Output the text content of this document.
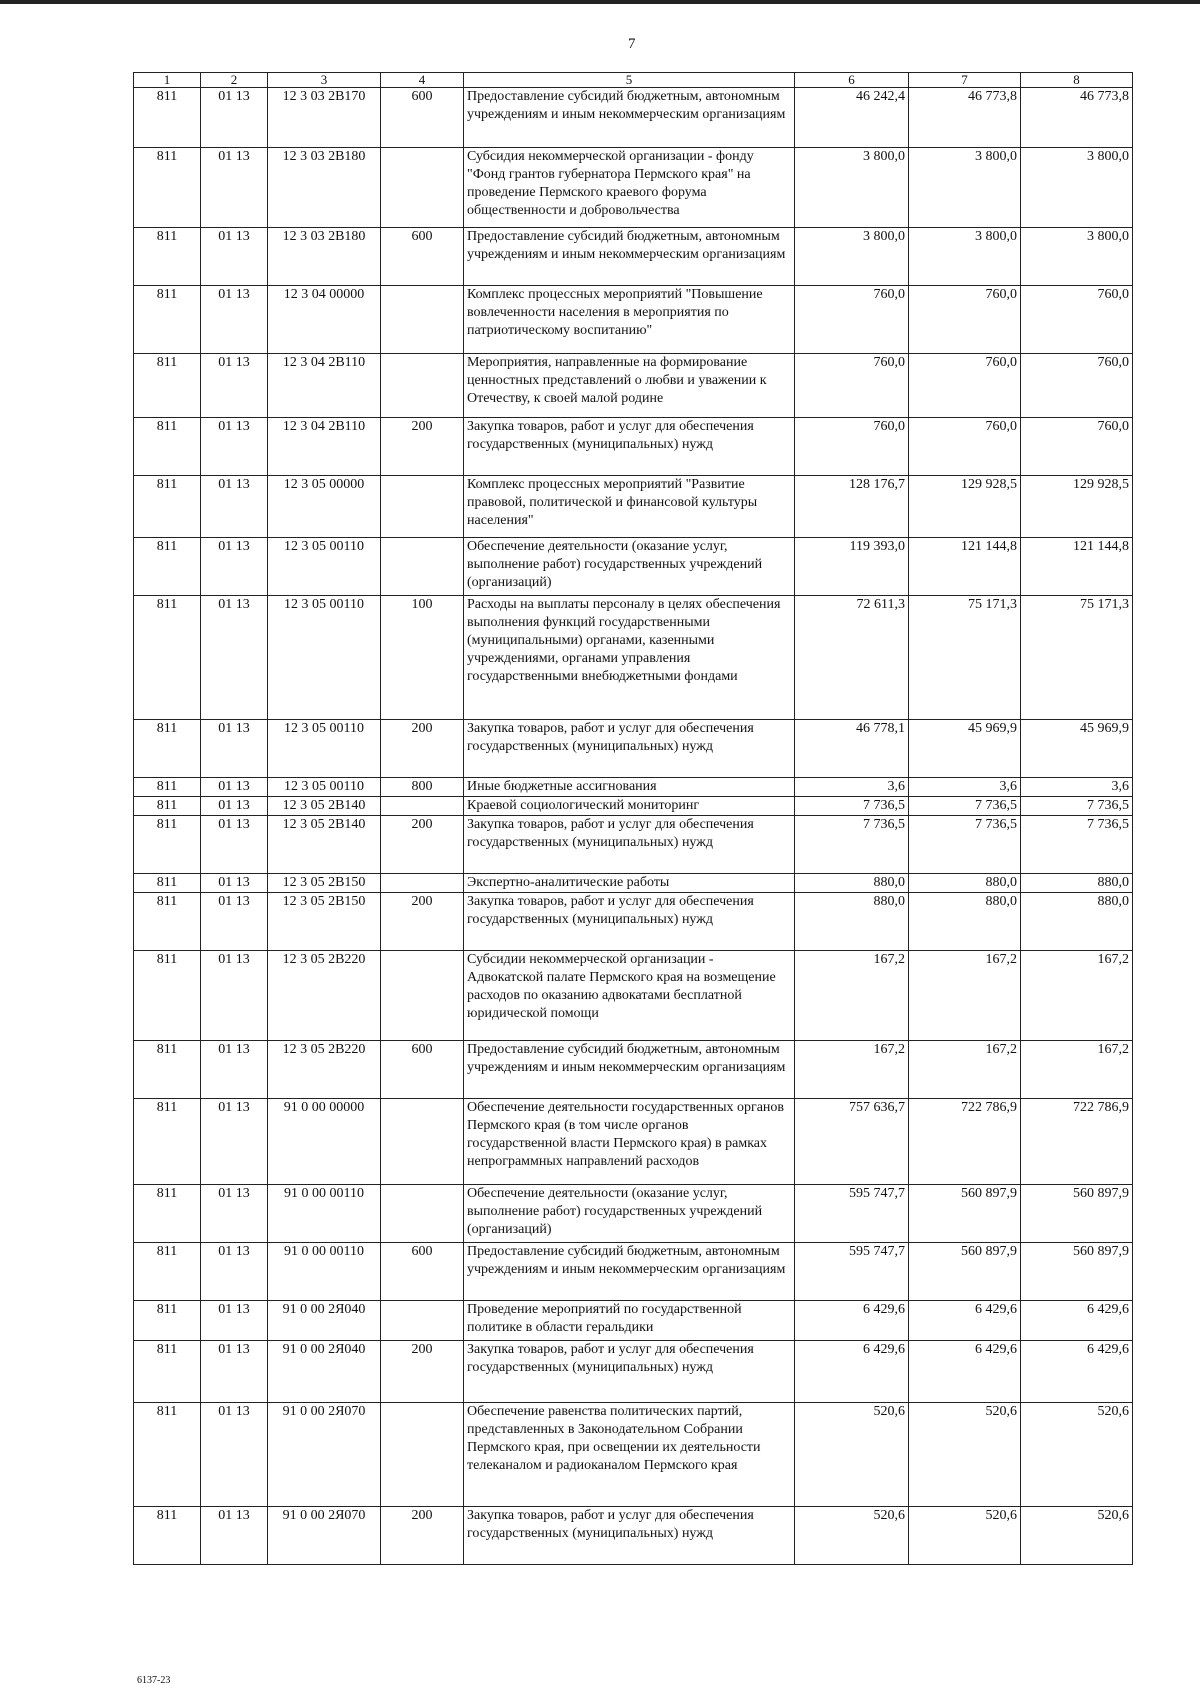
7
1	2	3	4	5	6	7	8
811	01 13	12 3 03 2В170	600	Предоставление субсидий бюджетным, автономным учреждениям и иным некоммерческим организациям	46 242,4	46 773,8	46 773,8
811	01 13	12 3 03 2В180		Субсидия некоммерческой организации - фонду "Фонд грантов губернатора Пермского края" на проведение Пермского краевого форума общественности и добровольчества	3 800,0	3 800,0	3 800,0
811	01 13	12 3 03 2В180	600	Предоставление субсидий бюджетным, автономным учреждениям и иным некоммерческим организациям	3 800,0	3 800,0	3 800,0
811	01 13	12 3 04 00000		Комплекс процессных мероприятий "Повышение вовлеченности населения в мероприятия по патриотическому воспитанию"	760,0	760,0	760,0
811	01 13	12 3 04 2В110		Мероприятия, направленные на формирование ценностных представлений о любви и уважении к Отечеству, к своей малой родине	760,0	760,0	760,0
811	01 13	12 3 04 2В110	200	Закупка товаров, работ и услуг для обеспечения государственных (муниципальных) нужд	760,0	760,0	760,0
811	01 13	12 3 05 00000		Комплекс процессных мероприятий "Развитие правовой, политической и финансовой культуры населения"	128 176,7	129 928,5	129 928,5
811	01 13	12 3 05 00110		Обеспечение деятельности (оказание услуг, выполнение работ) государственных учреждений (организаций)	119 393,0	121 144,8	121 144,8
811	01 13	12 3 05 00110	100	Расходы на выплаты персоналу в целях обеспечения выполнения функций государственными (муниципальными) органами, казенными учреждениями, органами управления государственными внебюджетными фондами	72 611,3	75 171,3	75 171,3
811	01 13	12 3 05 00110	200	Закупка товаров, работ и услуг для обеспечения государственных (муниципальных) нужд	46 778,1	45 969,9	45 969,9
811	01 13	12 3 05 00110	800	Иные бюджетные ассигнования	3,6	3,6	3,6
811	01 13	12 3 05 2В140		Краевой социологический мониторинг	7 736,5	7 736,5	7 736,5
811	01 13	12 3 05 2В140	200	Закупка товаров, работ и услуг для обеспечения государственных (муниципальных) нужд	7 736,5	7 736,5	7 736,5
811	01 13	12 3 05 2В150		Экспертно-аналитические работы	880,0	880,0	880,0
811	01 13	12 3 05 2В150	200	Закупка товаров, работ и услуг для обеспечения государственных (муниципальных) нужд	880,0	880,0	880,0
811	01 13	12 3 05 2В220		Субсидии некоммерческой организации - Адвокатской палате Пермского края на возмещение расходов по оказанию адвокатами бесплатной юридической помощи	167,2	167,2	167,2
811	01 13	12 3 05 2В220	600	Предоставление субсидий бюджетным, автономным учреждениям и иным некоммерческим организациям	167,2	167,2	167,2
811	01 13	91 0 00 00000		Обеспечение деятельности государственных органов Пермского края (в том числе органов государственной власти Пермского края) в рамках непрограммных направлений расходов	757 636,7	722 786,9	722 786,9
811	01 13	91 0 00 00110		Обеспечение деятельности (оказание услуг, выполнение работ) государственных учреждений (организаций)	595 747,7	560 897,9	560 897,9
811	01 13	91 0 00 00110	600	Предоставление субсидий бюджетным, автономным учреждениям и иным некоммерческим организациям	595 747,7	560 897,9	560 897,9
811	01 13	91 0 00 2Я040		Проведение мероприятий по государственной политике в области геральдики	6 429,6	6 429,6	6 429,6
811	01 13	91 0 00 2Я040	200	Закупка товаров, работ и услуг для обеспечения государственных (муниципальных) нужд	6 429,6	6 429,6	6 429,6
811	01 13	91 0 00 2Я070		Обеспечение равенства политических партий, представленных в Законодательном Собрании Пермского края, при освещении их деятельности телеканалом и радиоканалом Пермского края	520,6	520,6	520,6
811	01 13	91 0 00 2Я070	200	Закупка товаров, работ и услуг для обеспечения государственных (муниципальных) нужд	520,6	520,6	520,6
6137-23
